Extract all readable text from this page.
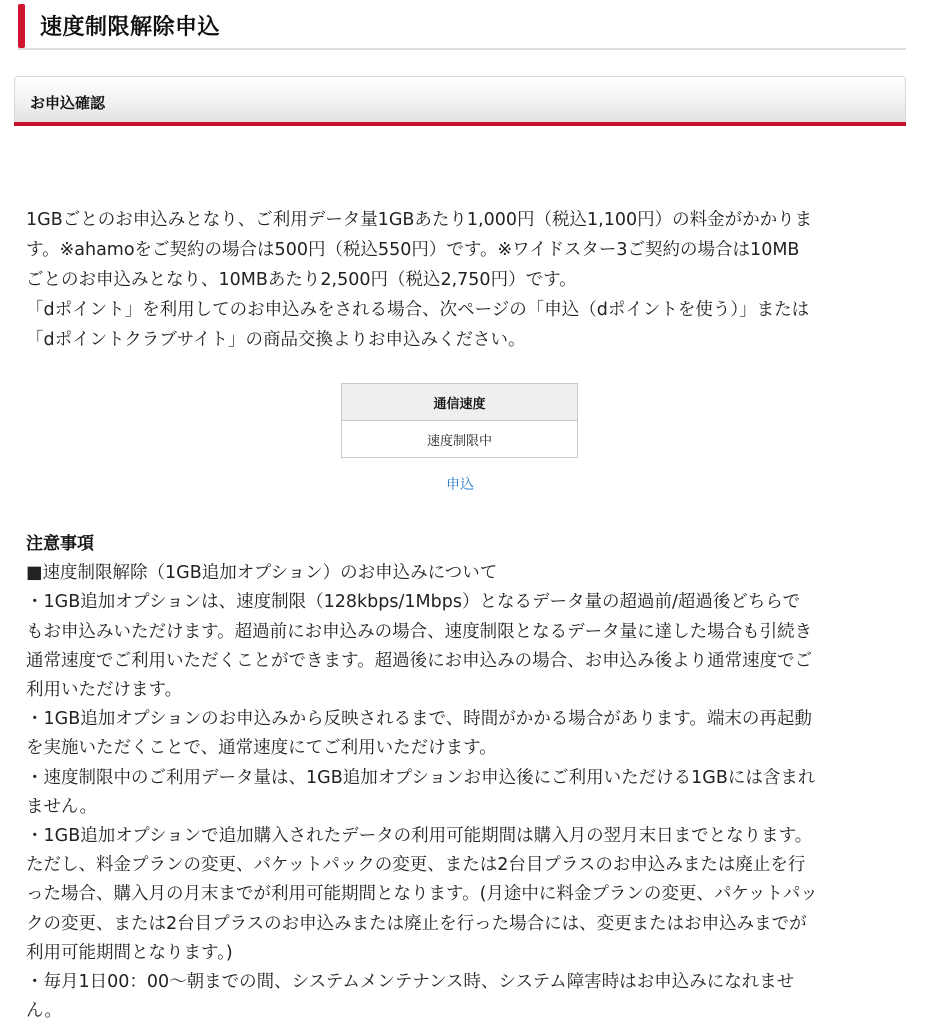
速度制限解除申込
お申込確認

1GBごとのお申込みとなり、ご利用データ量1GBあたり1,000円（税込1,100円）の料金がかかりま

す。※ahamoをご契約の場合は500円（税込550円）です。※ワイドスター3ご契約の場合は10MB

ごとのお申込みとなり、10MBあたり2,500円（税込2,750円）です。

「dポイント」を利用してのお申込みをされる場合、次ページの「申込（dポイントを使う）」または

「dポイントクラブサイト」の商品交換よりお申込みください。

通信速度
速度制限中
申込

注意事項

■速度制限解除（1GB追加オプション）のお申込みについて

・1GB追加オプションは、速度制限（128kbps/1Mbps）となるデータ量の超過前/超過後どちらで

もお申込みいただけます。超過前にお申込みの場合、速度制限となるデータ量に達した場合も引続き

通常速度でご利用いただくことができます。超過後にお申込みの場合、お申込み後より通常速度でご

利用いただけます。

・1GB追加オプションのお申込みから反映されるまで、時間がかかる場合があります。端末の再起動

を実施いただくことで、通常速度にてご利用いただけます。

・速度制限中のご利用データ量は、1GB追加オプションお申込後にご利用いただける1GBには含まれ

ません。

・1GB追加オプションで追加購入されたデータの利用可能期間は購入月の翌月末日までとなります。

ただし、料金プランの変更、パケットパックの変更、または2台目プラスのお申込みまたは廃止を行

った場合、購入月の月末までが利用可能期間となります。(月途中に料金プランの変更、パケットパッ

クの変更、または2台目プラスのお申込みまたは廃止を行った場合には、変更またはお申込みまでが

利用可能期間となります。)

・毎月1日00：00〜朝までの間、システムメンテナンス時、システム障害時はお申込みになれませ

ん。
